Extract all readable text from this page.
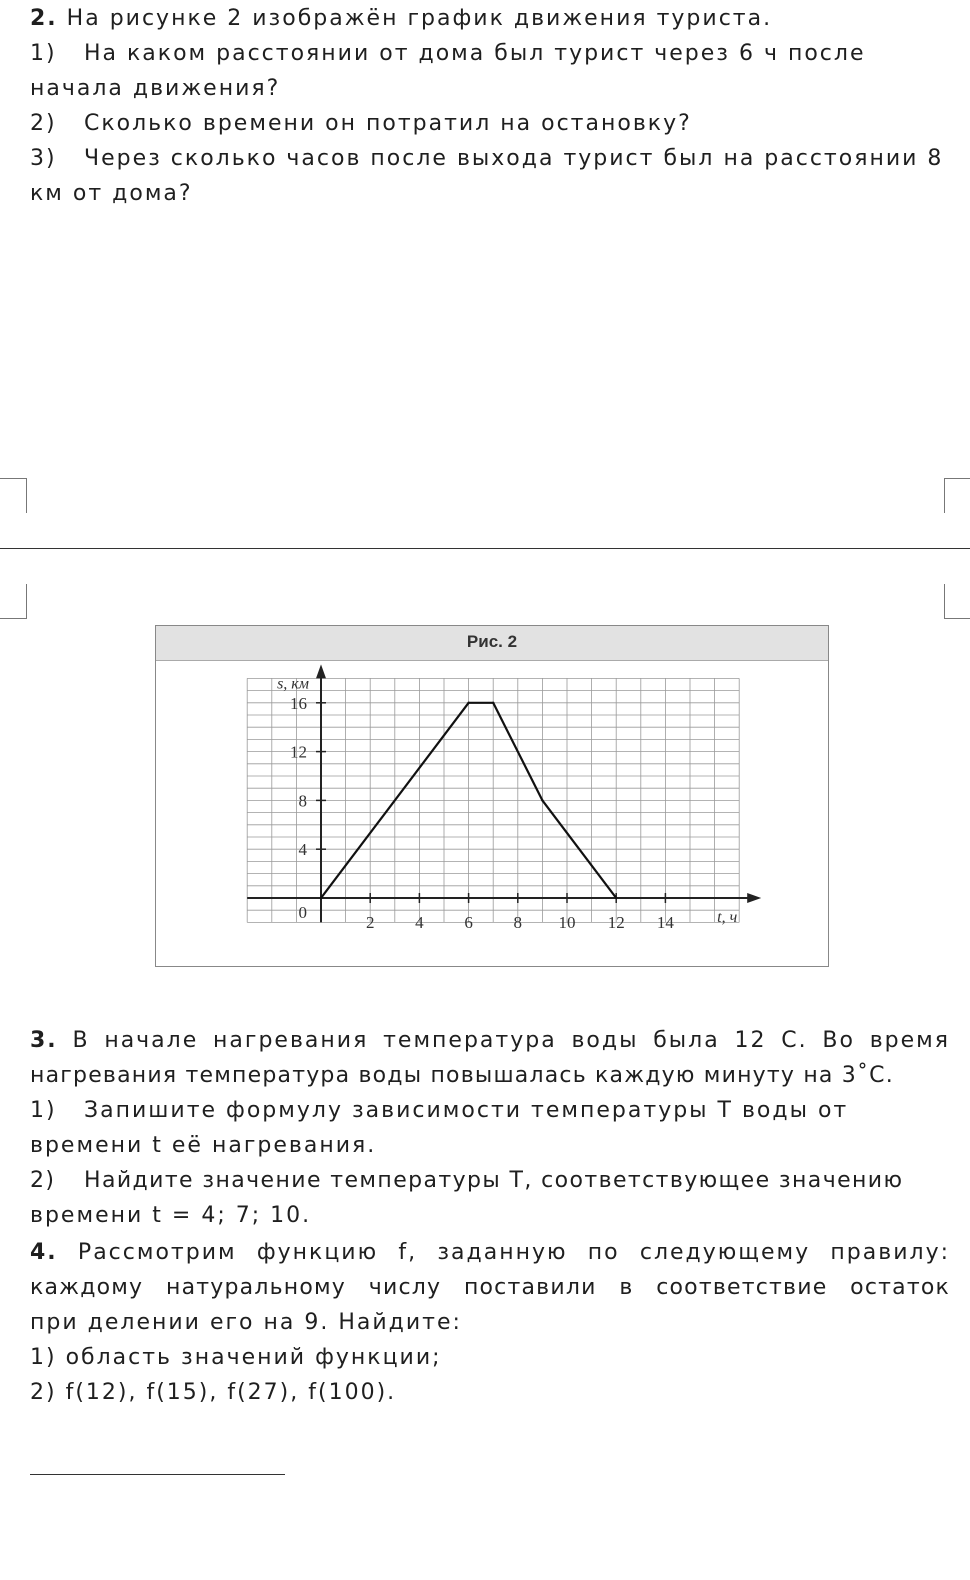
2. На рисунке 2 изображён график движения туриста.
1) На каком расстоянии от дома был турист через 6 ч после
начала движения?
2) Сколько времени он потратил на остановку?
3) Через сколько часов после выхода турист был на расстоянии 8
км от дома?
Рис. 2
2 4 6 8 10 12 14
4
8
12
16
0	t, ч
s, км
3. В начале нагревания температура воды была 12 С. Во время
нагревания температура воды повышалась каждую минуту на 3˚С.
1) Запишите формулу зависимости температуры T воды от
времени t её нагревания.
2) Найдите значение температуры T, соответствующее значению
времени t = 4; 7; 10.
4. Рассмотрим функцию f, заданную по следующему правилу:
каждому натуральному числу поставили в соответствие остаток
при делении его на 9. Найдите:
1) область значений функции;
2) f(12), f(15), f(27), f(100).
